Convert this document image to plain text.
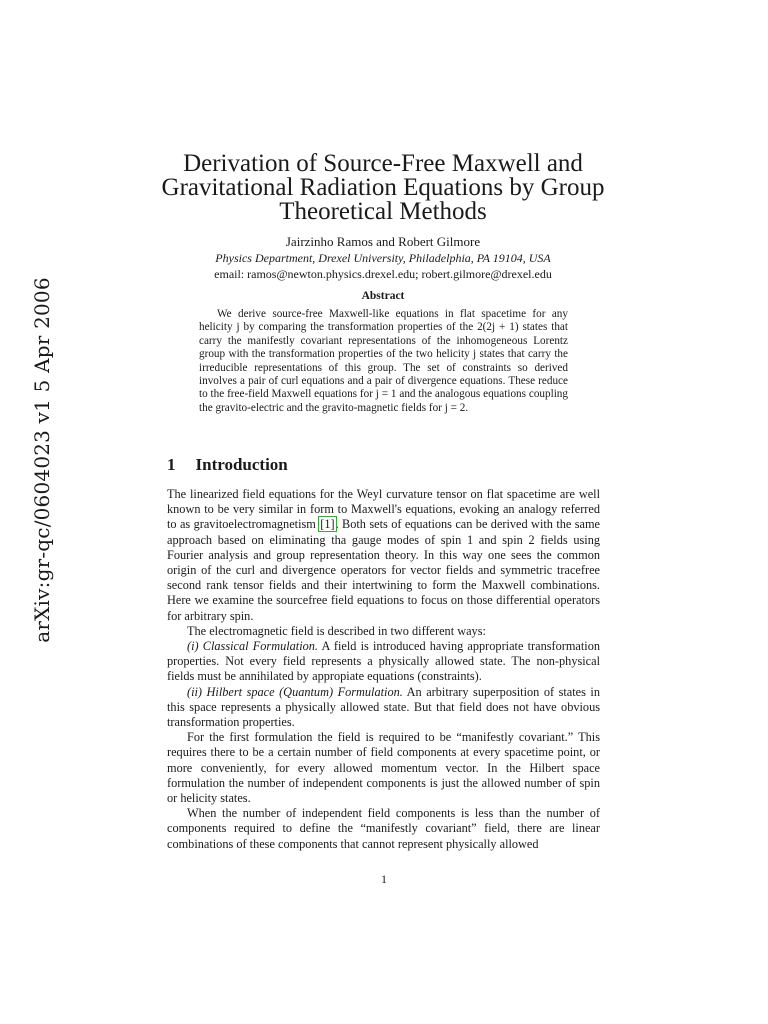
arXiv:gr-qc/0604023 v1 5 Apr 2006
Derivation of Source-Free Maxwell and Gravitational Radiation Equations by Group Theoretical Methods
Jairzinho Ramos and Robert Gilmore
Physics Department, Drexel University, Philadelphia, PA 19104, USA
email: ramos@newton.physics.drexel.edu; robert.gilmore@drexel.edu
Abstract

We derive source-free Maxwell-like equations in flat spacetime for any helicity j by comparing the transformation properties of the 2(2j + 1) states that carry the manifestly covariant representations of the inhomogeneous Lorentz group with the transformation properties of the two helicity j states that carry the irreducible representations of this group. The set of constraints so derived involves a pair of curl equations and a pair of divergence equations. These reduce to the free-field Maxwell equations for j = 1 and the analogous equations coupling the gravito-electric and the gravito-magnetic fields for j = 2.

1 Introduction

The linearized field equations for the Weyl curvature tensor on flat spacetime are well known to be very similar in form to Maxwell's equations, evoking an analogy referred to as gravitoelectromagnetism [1]. Both sets of equations can be derived with the same approach based on eliminating tha gauge modes of spin 1 and spin 2 fields using Fourier analysis and group representation theory. In this way one sees the common origin of the curl and divergence operators for vector fields and symmetric tracefree second rank tensor fields and their intertwining to form the Maxwell combinations. Here we examine the sourcefree field equations to focus on those differential operators for arbitrary spin.

The electromagnetic field is described in two different ways:

(i) Classical Formulation. A field is introduced having appropriate transformation properties. Not every field represents a physically allowed state. The non-physical fields must be annihilated by appropiate equations (constraints).

(ii) Hilbert space (Quantum) Formulation. An arbitrary superposition of states in this space represents a physically allowed state. But that field does not have obvious transformation properties.

For the first formulation the field is required to be “manifestly covariant.” This requires there to be a certain number of field components at every spacetime point, or more conveniently, for every allowed momentum vector. In the Hilbert space formulation the number of independent components is just the allowed number of spin or helicity states.

When the number of independent field components is less than the number of components required to define the “manifestly covariant” field, there are linear combinations of these components that cannot represent physically allowed

1
